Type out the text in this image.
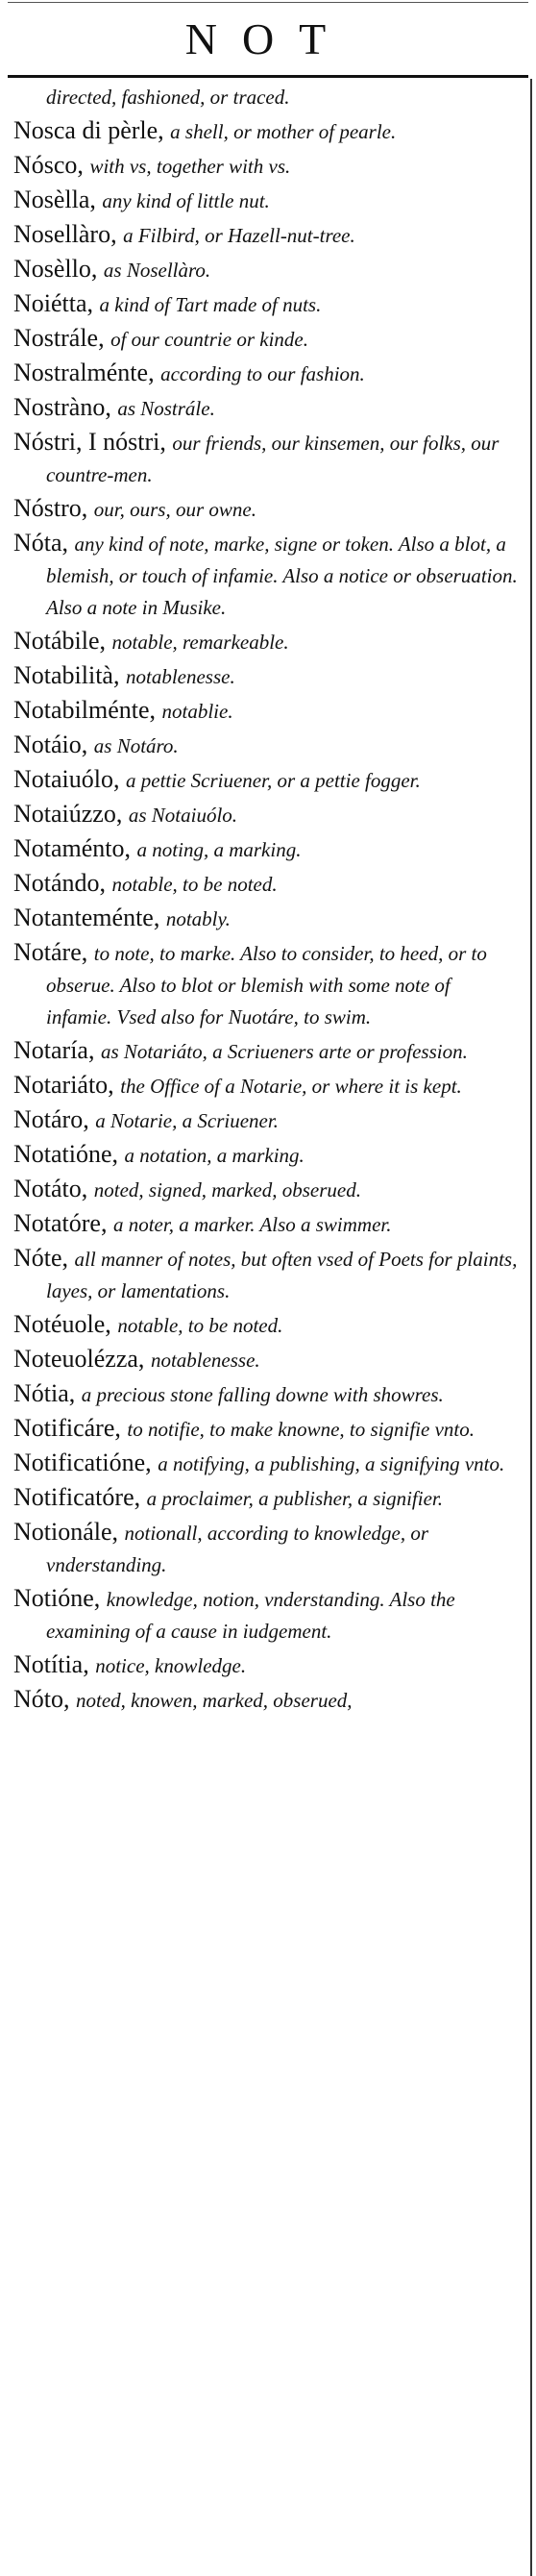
NOT
directed, fashioned, or traced.
Nosca di pèrle, a shell, or mother of pearle.
Nósco, with vs, together with vs.
Nosèlla, any kind of little nut.
Nosellàro, a Filbird, or Hazell-nut-tree.
Nosèllo, as Nosellàro.
Noiétta, a kind of Tart made of nuts.
Nostrále, of our countrie or kinde.
Nostralménte, according to our fashion.
Nostràno, as Nostrále.
Nóstri, I nóstri, our friends, our kinsemen, our folks, our countre-men.
Nóstro, our, ours, our owne.
Nóta, any kind of note, marke, signe or token. Also a blot, a blemish, or touch of infamie. Also a notice or obseruation. Also a note in Musike.
Notábile, notable, remarkeable.
Notabilità, notablenesse.
Notabilménte, notablie.
Notáio, as Notáro.
Notaiuólo, a pettie Scriuener, or a pettie fogger.
Notaiúzzo, as Notaiuólo.
Notaménto, a noting, a marking.
Notándo, notable, to be noted.
Notanteménte, notably.
Notáre, to note, to marke. Also to consider, to heed, or to obserue. Also to blot or blemish with some note of infamie. Vsed also for Nuotáre, to swim.
Notaría, as Notariáto, a Scriueners arte or profession.
Notariáto, the Office of a Notarie, or where it is kept.
Notáro, a Notarie, a Scriuener.
Notatióne, a notation, a marking.
Notáto, noted, signed, marked, obserued.
Notatóre, a noter, a marker. Also a swimmer.
Nóte, all manner of notes, but often vsed of Poets for plaints, layes, or lamentations.
Notéuole, notable, to be noted.
Noteuolézza, notablenesse.
Nótia, a precious stone falling downe with showres.
Notificáre, to notifie, to make knowne, to signifie vnto.
Notificatióne, a notifying, a publishing, a signifying vnto.
Notificatóre, a proclaimer, a publisher, a signifier.
Notionále, notionall, according to knowledge, or vnderstanding.
Notióne, knowledge, notion, vnderstanding. Also the examining of a cause in iudgement.
Notítia, notice, knowledge.
Nóto, noted, knowen, marked, obserued,
